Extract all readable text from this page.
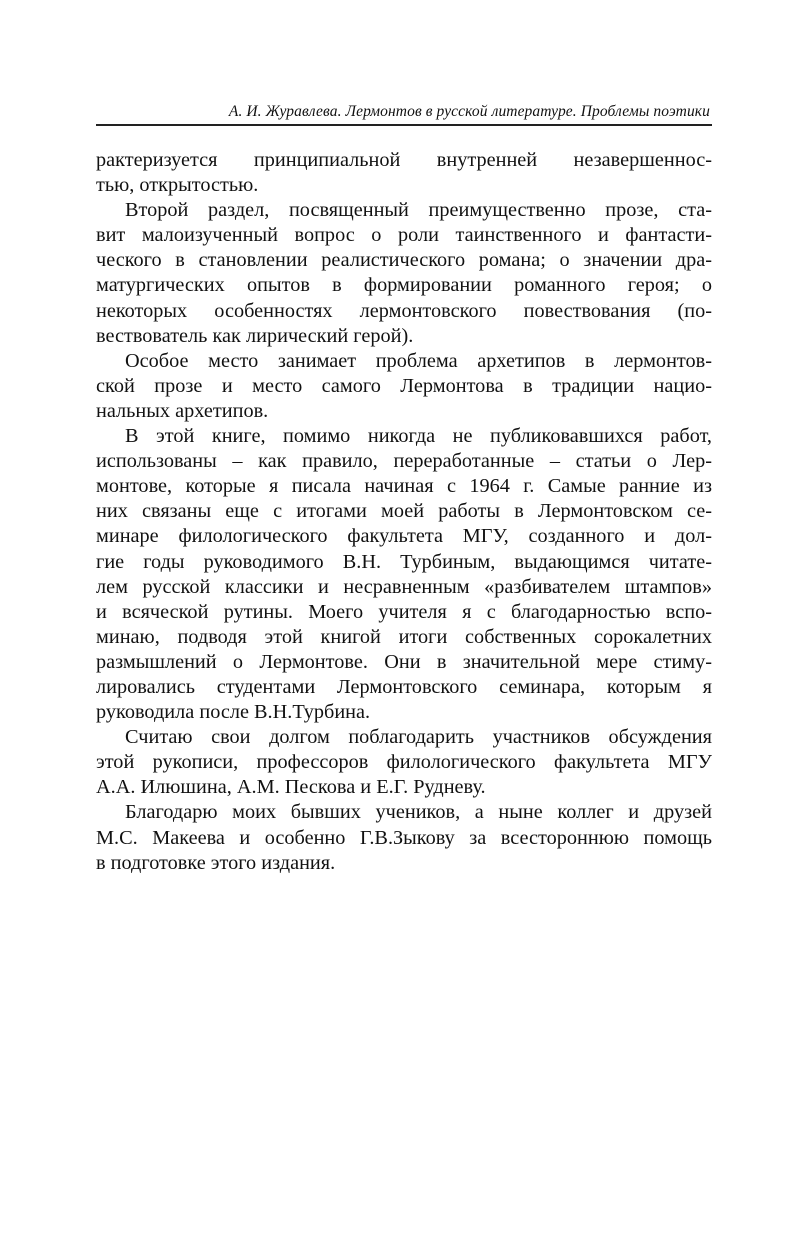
А. И. Журавлева. Лермонтов в русской литературе. Проблемы поэтики

рактеризуется принципиальной внутренней незавершеннос-
тью, открытостью.

Второй раздел, посвященный преимущественно прозе, ста-
вит малоизученный вопрос о роли таинственного и фантасти-
ческого в становлении реалистического романа; о значении дра-
матургических опытов в формировании романного героя; о
некоторых особенностях лермонтовского повествования (по-
вествователь как лирический герой).

Особое место занимает проблема архетипов в лермонтов-
ской прозе и место самого Лермонтова в традиции нацио-
нальных архетипов.

В этой книге, помимо никогда не публиковавшихся работ,
использованы – как правило, переработанные – статьи о Лер-
монтове, которые я писала начиная с 1964 г. Самые ранние из
них связаны еще с итогами моей работы в Лермонтовском се-
минаре филологического факультета МГУ, созданного и дол-
гие годы руководимого В.Н. Турбиным, выдающимся читате-
лем русской классики и несравненным «разбивателем штампов»
и всяческой рутины. Моего учителя я с благодарностью вспо-
минаю, подводя этой книгой итоги собственных сорокалетних
размышлений о Лермонтове. Они в значительной мере стиму-
лировались студентами Лермонтовского семинара, которым я
руководила после В.Н.Турбина.

Считаю свои долгом поблагодарить участников обсуждения
этой рукописи, профессоров филологического факультета МГУ
А.А. Илюшина, А.М. Пескова и Е.Г. Рудневу.

Благодарю моих бывших учеников, а ныне коллег и друзей
М.С. Макеева и особенно Г.В.Зыкову за всестороннюю помощь
в подготовке этого издания.
